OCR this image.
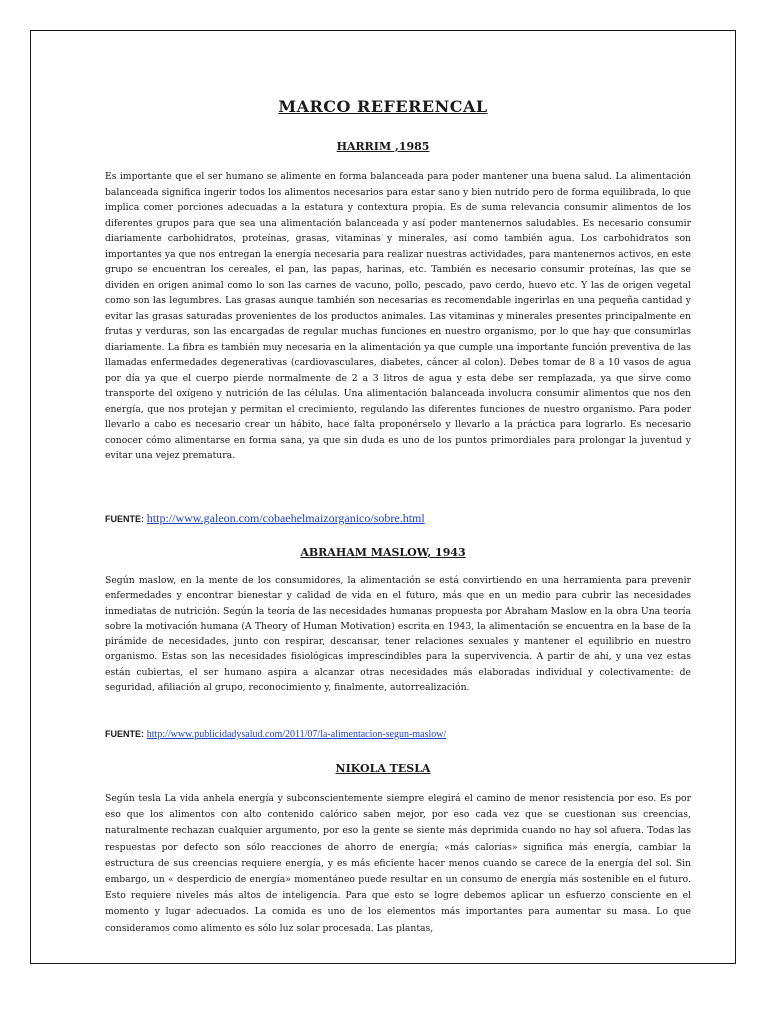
MARCO REFERENCAL
HARRIM ,1985

Es importante que el ser humano se alimente en forma balanceada para poder mantener una buena salud. La alimentación balanceada significa ingerir todos los alimentos necesarios para estar sano y bien nutrido pero de forma equilibrada, lo que implica comer porciones adecuadas a la estatura y contextura propia. Es de suma relevancia consumir alimentos de los diferentes grupos para que sea una alimentación balanceada y así poder mantenernos saludables. Es necesario consumir diariamente carbohidratos, proteínas, grasas, vitaminas y minerales, así como también agua. Los carbohidratos son importantes ya que nos entregan la energía necesaria para realizar nuestras actividades, para mantenernos activos, en este grupo se encuentran los cereales, el pan, las papas, harinas, etc. También es necesario consumir proteínas, las que se dividen en origen animal como lo son las carnes de vacuno, pollo, pescado, pavo cerdo, huevo etc. Y las de origen vegetal como son las legumbres. Las grasas aunque también son necesarias es recomendable ingerirlas en una pequeña cantidad y evitar las grasas saturadas provenientes de los productos animales. Las vitaminas y minerales presentes principalmente en frutas y verduras, son las encargadas de regular muchas funciones en nuestro organismo, por lo que hay que consumirlas diariamente. La fibra es también muy necesaria en la alimentación ya que cumple una importante función preventiva de las llamadas enfermedades degenerativas (cardiovasculares, diabetes, cáncer al colon). Debes tomar de 8 a 10 vasos de agua por día ya que el cuerpo pierde normalmente de 2 a 3 litros de agua y esta debe ser remplazada, ya que sirve como transporte del oxígeno y nutrición de las células. Una alimentación balanceada involucra consumir alimentos que nos den energía, que nos protejan y permitan el crecimiento, regulando las diferentes funciones de nuestro organismo. Para poder llevarlo a cabo es necesario crear un hábito, hace falta proponérselo y llevarlo a la práctica para lograrlo. Es necesario conocer cómo alimentarse en forma sana, ya que sin duda es uno de los puntos primordiales para prolongar la juventud y evitar una vejez prematura.

FUENTE: http://www.galeon.com/cobaehelmaizorganico/sobre.html
ABRAHAM MASLOW, 1943

Según maslow, en la mente de los consumidores, la alimentación se está convirtiendo en una herramienta para prevenir enfermedades y encontrar bienestar y calidad de vida en el futuro, más que en un medio para cubrir las necesidades inmediatas de nutrición. Según la teoría de las necesidades humanas propuesta por Abraham Maslow en la obra Una teoría sobre la motivación humana (A Theory of Human Motivation) escrita en 1943, la alimentación se encuentra en la base de la pirámide de necesidades, junto con respirar, descansar, tener relaciones sexuales y mantener el equilibrio en nuestro organismo. Estas son las necesidades fisiológicas imprescindibles para la supervivencia. A partir de ahí, y una vez estas están cubiertas, el ser humano aspira a alcanzar otras necesidades más elaboradas individual y colectivamente: de seguridad, afiliación al grupo, reconocimiento y, finalmente, autorrealización.

FUENTE: http://www.publicidadysalud.com/2011/07/la-alimentacion-segun-maslow/
NIKOLA TESLA

Según tesla La vida anhela energía y subconscientemente siempre elegirá el camino de menor resistencia por eso. Es por eso que los alimentos con alto contenido calórico saben mejor, por eso cada vez que se cuestionan sus creencias, naturalmente rechazan cualquier argumento, por eso la gente se siente más deprimida cuando no hay sol afuera. Todas las respuestas por defecto son sólo reacciones de ahorro de energía; «más calorías» significa más energía, cambiar la estructura de sus creencias requiere energía, y es más eficiente hacer menos cuando se carece de la energía del sol. Sin embargo, un « desperdicio de energía» momentáneo puede resultar en un consumo de energía más sostenible en el futuro. Esto requiere niveles más altos de inteligencia. Para que esto se logre debemos aplicar un esfuerzo consciente en el momento y lugar adecuados. La comida es uno de los elementos más importantes para aumentar su masa. Lo que consideramos como alimento es sólo luz solar procesada. Las plantas,
